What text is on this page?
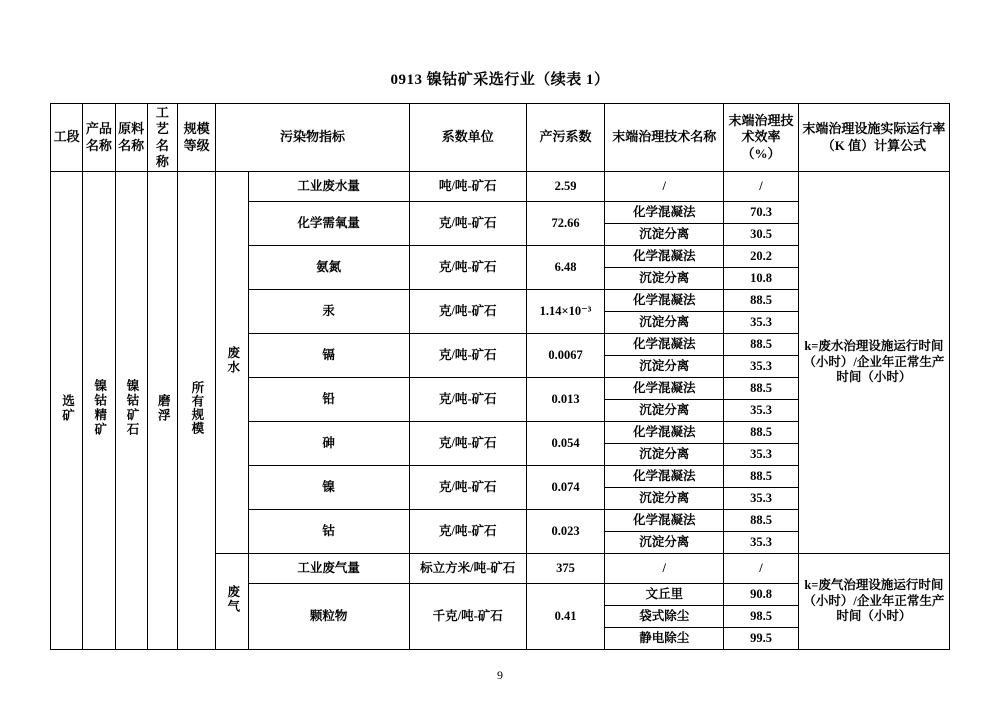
0913 镍钴矿采选行业（续表 1）
工段	产品名称	原料名称	工艺名称	规模等级	污染物指标		系数单位	产污系数	末端治理技术名称	末端治理技术效率（%）	末端治理设施实际运行率（K 值）计算公式
选矿	镍钴精矿	镍钴矿石	磨浮	所有规模	废水	工业废水量	吨/吨-矿石	2.59	/	/	k=废水治理设施运行时间（小时）/企业年正常生产时间（小时）
						化学需氧量	克/吨-矿石	72.66	化学混凝法	70.3	
									沉淀分离	30.5	
						氨氮	克/吨-矿石	6.48	化学混凝法	20.2	
									沉淀分离	10.8	
						汞	克/吨-矿石	1.14×10⁻³	化学混凝法	88.5	
									沉淀分离	35.3	
						镉	克/吨-矿石	0.0067	化学混凝法	88.5	
									沉淀分离	35.3	
						铅	克/吨-矿石	0.013	化学混凝法	88.5	
									沉淀分离	35.3	
						砷	克/吨-矿石	0.054	化学混凝法	88.5	
									沉淀分离	35.3	
						镍	克/吨-矿石	0.074	化学混凝法	88.5	
									沉淀分离	35.3	
						钴	克/吨-矿石	0.023	化学混凝法	88.5	
									沉淀分离	35.3	
					废气	工业废气量	标立方米/吨-矿石	375	/	/	k=废气治理设施运行时间（小时）/企业年正常生产时间（小时）
						颗粒物	千克/吨-矿石	0.41	文丘里	90.8	
									袋式除尘	98.5	
									静电除尘	99.5	
9
